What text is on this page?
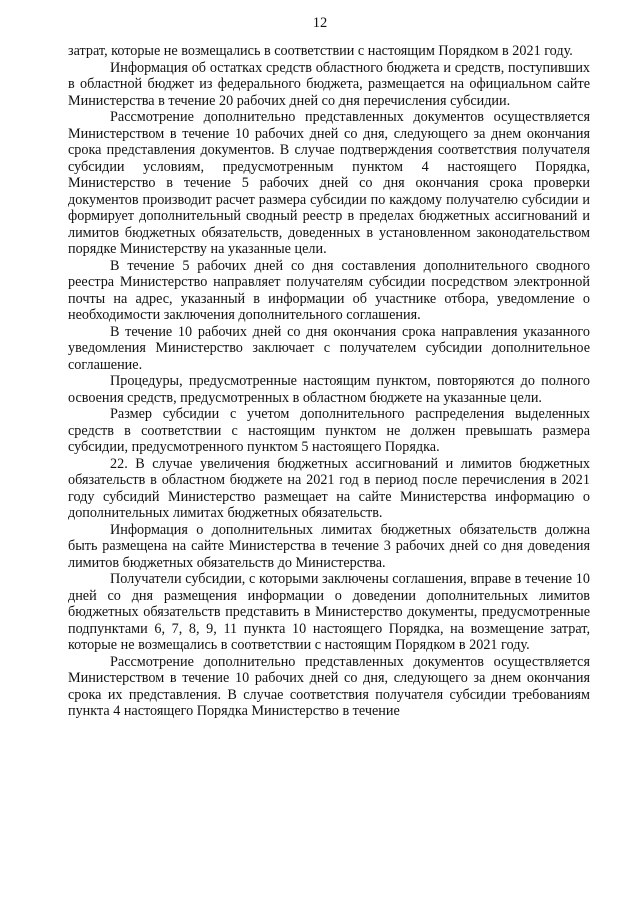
12

затрат, которые не возмещались в соответствии с настоящим Порядком в 2021 году.

Информация об остатках средств областного бюджета и средств, поступивших в областной бюджет из федерального бюджета, размещается на официальном сайте Министерства в течение 20 рабочих дней со дня перечисления субсидии.

Рассмотрение дополнительно представленных документов осуществляется Министерством в течение 10 рабочих дней со дня, следующего за днем окончания срока представления документов. В случае подтверждения соответствия получателя субсидии условиям, предусмотренным пунктом 4 настоящего Порядка, Министерство в течение 5 рабочих дней со дня окончания срока проверки документов производит расчет размера субсидии по каждому получателю субсидии и формирует дополнительный сводный реестр в пределах бюджетных ассигнований и лимитов бюджетных обязательств, доведенных в установленном законодательством порядке Министерству на указанные цели.

В течение 5 рабочих дней со дня составления дополнительного сводного реестра Министерство направляет получателям субсидии посредством электронной почты на адрес, указанный в информации об участнике отбора, уведомление о необходимости заключения дополнительного соглашения.

В течение 10 рабочих дней со дня окончания срока направления указанного уведомления Министерство заключает с получателем субсидии дополнительное соглашение.

Процедуры, предусмотренные настоящим пунктом, повторяются до полного освоения средств, предусмотренных в областном бюджете на указанные цели.

Размер субсидии с учетом дополнительного распределения выделенных средств в соответствии с настоящим пунктом не должен превышать размера субсидии, предусмотренного пунктом 5 настоящего Порядка.

22. В случае увеличения бюджетных ассигнований и лимитов бюджетных обязательств в областном бюджете на 2021 год в период после перечисления в 2021 году субсидий Министерство размещает на сайте Министерства информацию о дополнительных лимитах бюджетных обязательств.

Информация о дополнительных лимитах бюджетных обязательств должна быть размещена на сайте Министерства в течение 3 рабочих дней со дня доведения лимитов бюджетных обязательств до Министерства.

Получатели субсидии, с которыми заключены соглашения, вправе в течение 10 дней со дня размещения информации о доведении дополнительных лимитов бюджетных обязательств представить в Министерство документы, предусмотренные подпунктами 6, 7, 8, 9, 11 пункта 10 настоящего Порядка, на возмещение затрат, которые не возмещались в соответствии с настоящим Порядком в 2021 году.

Рассмотрение дополнительно представленных документов осуществляется Министерством в течение 10 рабочих дней со дня, следующего за днем окончания срока их представления. В случае соответствия получателя субсидии требованиям пункта 4 настоящего Порядка Министерство в течение
